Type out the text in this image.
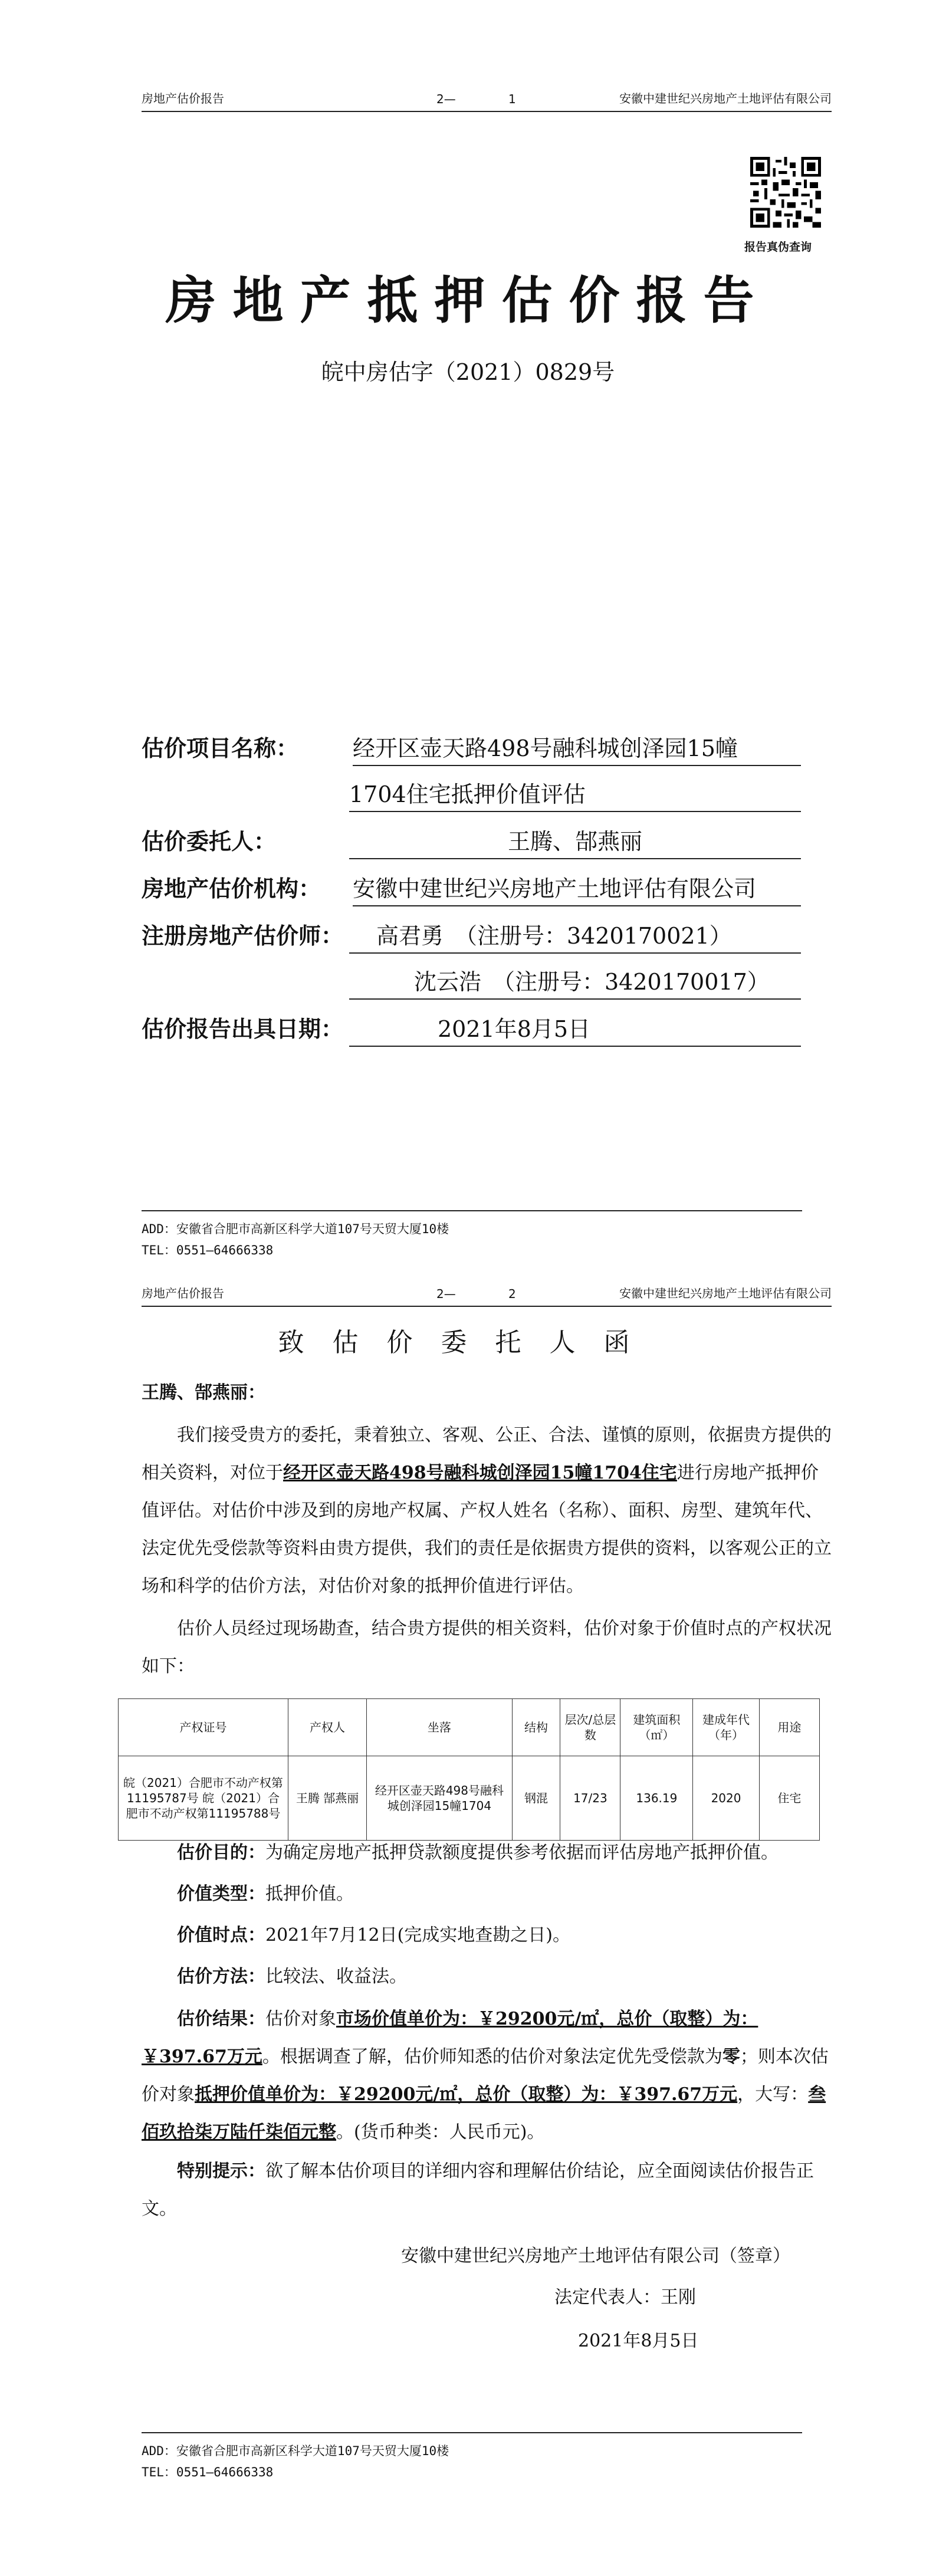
房地产估价报告	2—	1	安徽中建世纪兴房地产土地评估有限公司
报告真伪查询
房地产抵押估价报告
皖中房估字（2021）0829号
估价项目名称：	经开区壶天路498号融科城创泽园15幢
1704住宅抵押价值评估
估价委托人：	王腾、郜燕丽
房地产估价机构：	安徽中建世纪兴房地产土地评估有限公司
注册房地产估价师：	高君勇　（注册号：3420170021）
沈云浩　（注册号：3420170017）
估价报告出具日期：	2021年8月5日
ADD：安徽省合肥市高新区科学大道107号天贸大厦10楼
TEL：0551—64666338
房地产估价报告	2—	2	安徽中建世纪兴房地产土地评估有限公司
致估价委托人函
王腾、郜燕丽：
我们接受贵方的委托，秉着独立、客观、公正、合法、谨慎的原则，依据贵方提供的相关资料，对位于经开区壶天路498号融科城创泽园15幢1704住宅进行房地产抵押价值评估。对估价中涉及到的房地产权属、产权人姓名（名称）、面积、房型、建筑年代、法定优先受偿款等资料由贵方提供，我们的责任是依据贵方提供的资料，以客观公正的立场和科学的估价方法，对估价对象的抵押价值进行评估。
估价人员经过现场勘查，结合贵方提供的相关资料，估价对象于价值时点的产权状况如下：
产权证号	产权人	坐落	结构	层次/总层数	建筑面积（㎡）	建成年代（年）	用途
皖（2021）合肥市不动产权第11195787号 皖（2021）合肥市不动产权第11195788号	王腾 郜燕丽	经开区壶天路498号融科城创泽园15幢1704	钢混	17/23	136.19	2020	住宅
估价目的：为确定房地产抵押贷款额度提供参考依据而评估房地产抵押价值。
价值类型：抵押价值。
价值时点：2021年7月12日(完成实地查勘之日)。
估价方法：比较法、收益法。
估价结果：估价对象市场价值单价为：￥29200元/㎡，总价（取整）为：￥397.67万元。根据调查了解，估价师知悉的估价对象法定优先受偿款为零；则本次估价对象抵押价值单价为：￥29200元/㎡，总价（取整）为：￥397.67万元，大写：叁佰玖拾柒万陆仟柒佰元整。(货币种类：人民币元)。
特别提示：欲了解本估价项目的详细内容和理解估价结论，应全面阅读估价报告正文。
安徽中建世纪兴房地产土地评估有限公司（签章）
法定代表人：王刚
2021年8月5日
ADD：安徽省合肥市高新区科学大道107号天贸大厦10楼
TEL：0551—64666338
